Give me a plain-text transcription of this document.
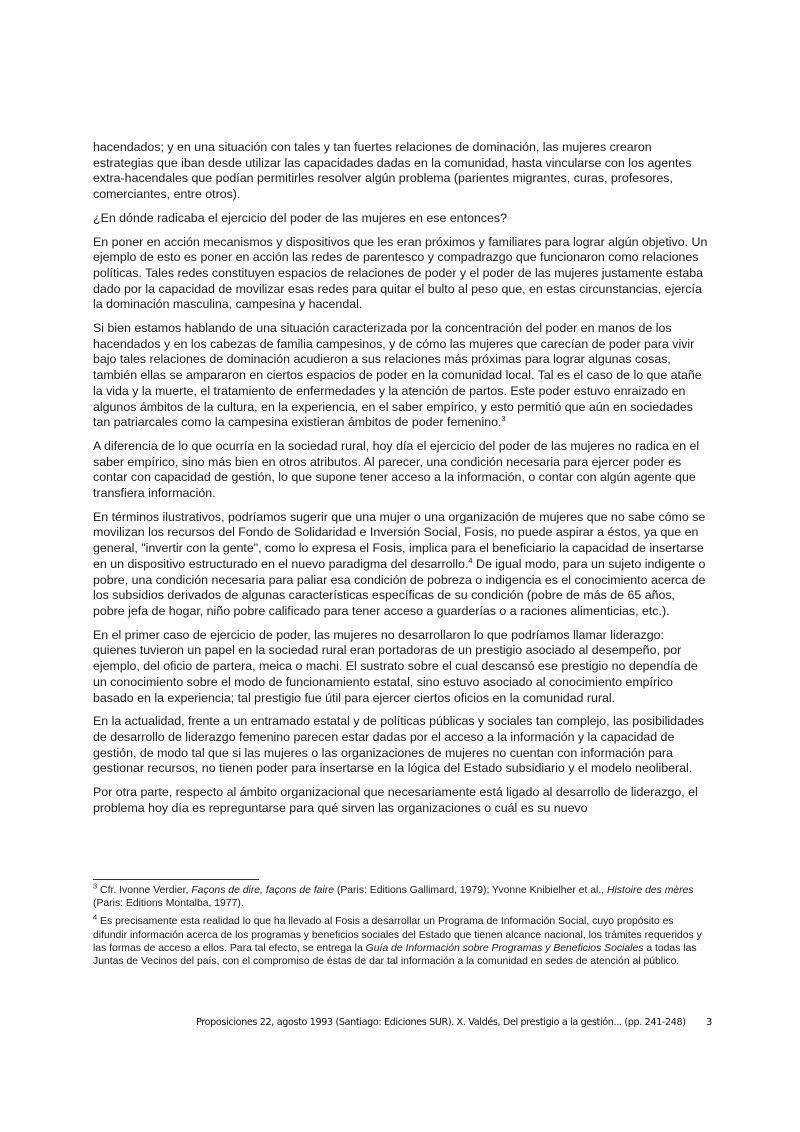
hacendados; y en una situación con tales y tan fuertes relaciones de dominación, las mujeres crearon estrategias que iban desde utilizar las capacidades dadas en la comunidad, hasta vincularse con los agentes extra-hacendales que podían permitirles resolver algún problema (parientes migrantes, curas, profesores, comerciantes, entre otros).

¿En dónde radicaba el ejercicio del poder de las mujeres en ese entonces?

En poner en acción mecanismos y dispositivos que les eran próximos y familiares para lograr algún objetivo. Un ejemplo de esto es poner en acción las redes de parentesco y compadrazgo que funcionaron como relaciones políticas. Tales redes constituyen espacios de relaciones de poder y el poder de las mujeres justamente estaba dado por la capacidad de movilizar esas redes para quitar el bulto al peso que, en estas circunstancias, ejercía la dominación masculina, campesina y hacendal.

Si bien estamos hablando de una situación caracterizada por la concentración del poder en manos de los hacendados y en los cabezas de familia campesinos, y de cómo las mujeres que carecían de poder para vivir bajo tales relaciones de dominación acudieron a sus relaciones más próximas para lograr algunas cosas, también ellas se ampararon en ciertos espacios de poder en la comunidad local. Tal es el caso de lo que atañe la vida y la muerte, el tratamiento de enfermedades y la atención de partos. Este poder estuvo enraizado en algunos ámbitos de la cultura, en la experiencia, en el saber empírico, y esto permitió que aún en sociedades tan patriarcales como la campesina existieran ámbitos de poder femenino.$^3$

A diferencia de lo que ocurría en la sociedad rural, hoy día el ejercicio del poder de las mujeres no radica en el saber empírico, sino más bien en otros atributos. Al parecer, una condición necesaria para ejercer poder es contar con capacidad de gestión, lo que supone tener acceso a la información, o contar con algún agente que transfiera información.

En términos ilustrativos, podríamos sugerir que una mujer o una organización de mujeres que no sabe cómo se movilizan los recursos del Fondo de Solidaridad e Inversión Social, Fosis, no puede aspirar a éstos, ya que en general, "invertir con la gente", como lo expresa el Fosis, implica para el beneficiario la capacidad de insertarse en un dispositivo estructurado en el nuevo paradigma del desarrollo.$^4$ De igual modo, para un sujeto indigente o pobre, una condición necesaria para paliar esa condición de pobreza o indigencia es el conocimiento acerca de los subsidios derivados de algunas características específicas de su condición (pobre de más de 65 años, pobre jefa de hogar, niño pobre calificado para tener acceso a guarderías o a raciones alimenticias, etc.).

En el primer caso de ejercicio de poder, las mujeres no desarrollaron lo que podríamos llamar liderazgo: quienes tuvieron un papel en la sociedad rural eran portadoras de un prestigio asociado al desempeño, por ejemplo, del oficio de partera, meica o machi. El sustrato sobre el cual descansó ese prestigio no dependía de un conocimiento sobre el modo de funcionamiento estatal, sino estuvo asociado al conocimiento empírico basado en la experiencia; tal prestigio fue útil para ejercer ciertos oficios en la comunidad rural.

En la actualidad, frente a un entramado estatal y de políticas públicas y sociales tan complejo, las posibilidades de desarrollo de liderazgo femenino parecen estar dadas por el acceso a la información y la capacidad de gestión, de modo tal que si las mujeres o las organizaciones de mujeres no cuentan con información para gestionar recursos, no tienen poder para insertarse en la lógica del Estado subsidiario y el modelo neoliberal.

Por otra parte, respecto al ámbito organizacional que necesariamente está ligado al desarrollo de liderazgo, el problema hoy día es repreguntarse para qué sirven las organizaciones o cuál es su nuevo

$^3$ Cfr. Ivonne Verdier, Façons de dire, façons de faire (Paris: Editions Gallimard, 1979); Yvonne Knibielher et al., Histoire des mères (Paris: Editions Montalba, 1977).

$^4$ Es precisamente esta realidad lo que ha llevado al Fosis a desarrollar un Programa de Información Social, cuyo propósito es difundir información acerca de los programas y beneficios sociales del Estado que tienen alcance nacional, los trámites requeridos y las formas de acceso a ellos. Para tal efecto, se entrega la Guía de Información sobre Programas y Beneficios Sociales a todas las Juntas de Vecinos del país, con el compromiso de éstas de dar tal información a la comunidad en sedes de atención al público.

Proposiciones 22, agosto 1993 (Santiago: Ediciones SUR). X. Valdés, Del prestigio a la gestión... (pp. 241-248) 3
